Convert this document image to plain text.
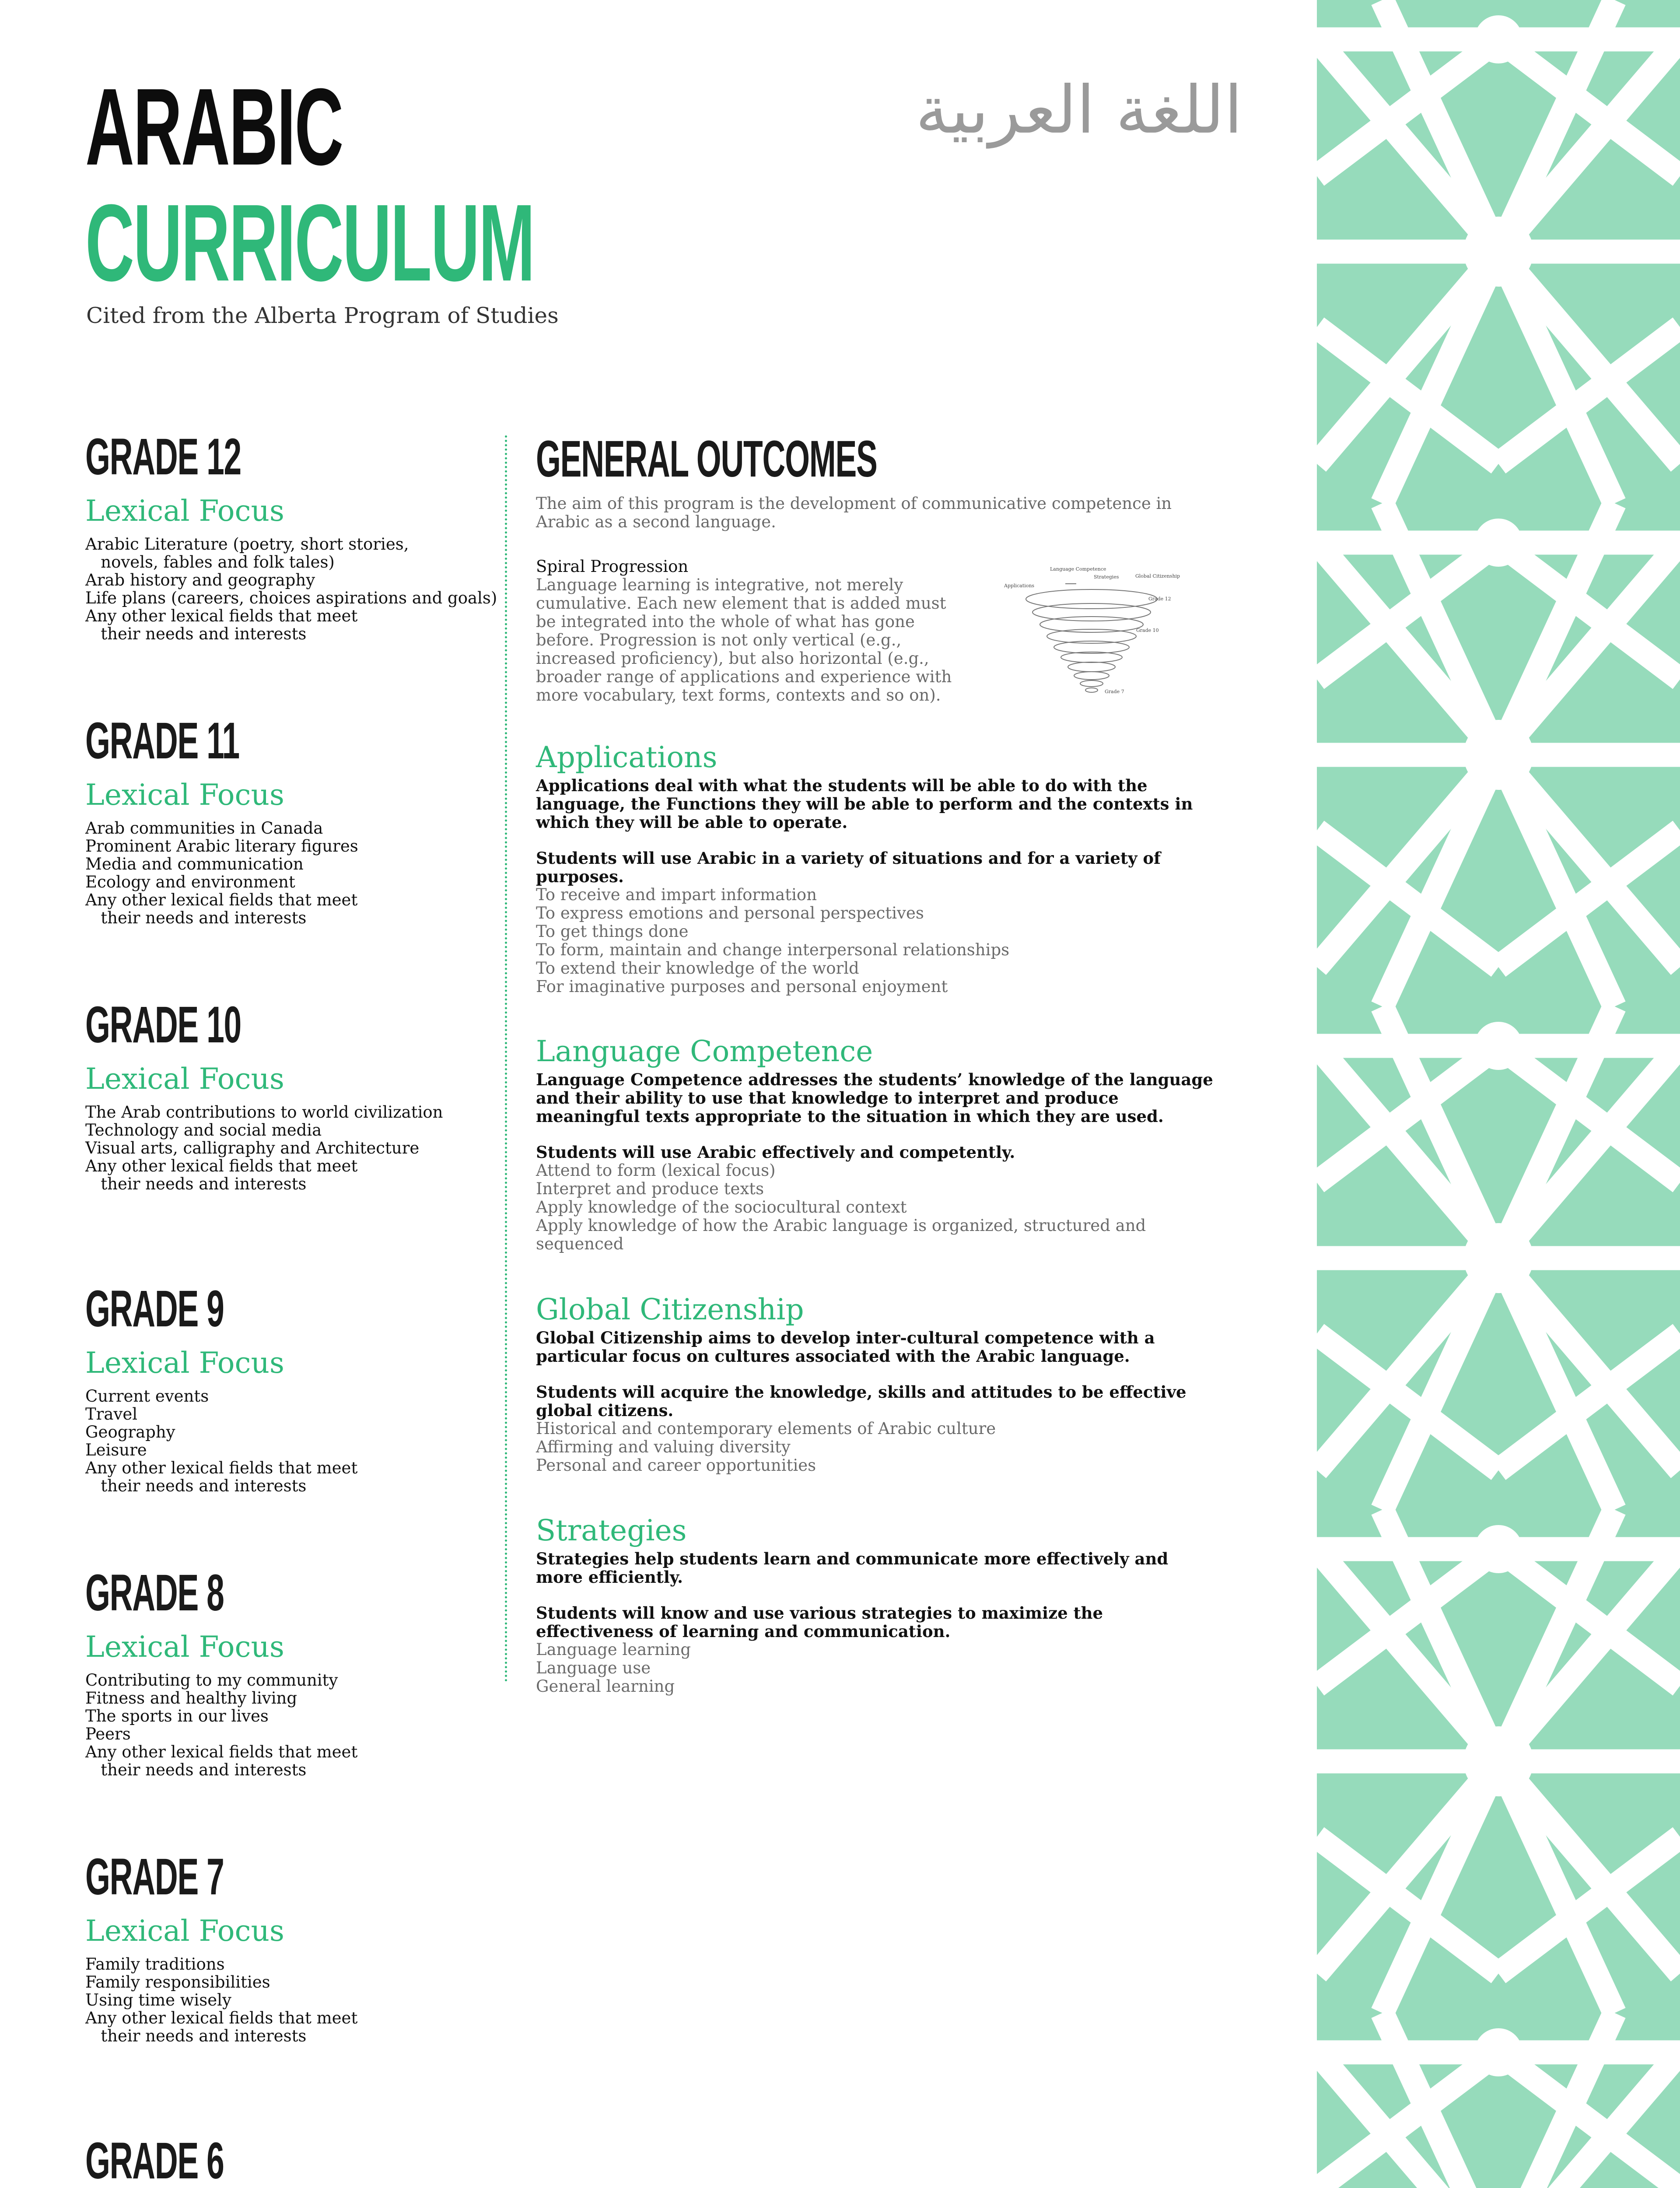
ARABIC
CURRICULUM
اللغة العربية
Cited from the Alberta Program of Studies
GRADE 12
Lexical Focus
Arabic Literature (poetry, short stories,
novels, fables and folk tales)
Arab history and geography
Life plans (careers, choices aspirations and goals)
Any other lexical fields that meet
their needs and interests
GRADE 11
Lexical Focus
Arab communities in Canada
Prominent Arabic literary figures
Media and communication
Ecology and environment
Any other lexical fields that meet
their needs and interests
GRADE 10
Lexical Focus
The Arab contributions to world civilization
Technology and social media
Visual arts, calligraphy and Architecture
Any other lexical fields that meet
their needs and interests
GRADE 9
Lexical Focus
Current events
Travel
Geography
Leisure
Any other lexical fields that meet
their needs and interests
GRADE 8
Lexical Focus
Contributing to my community
Fitness and healthy living
The sports in our lives
Peers
Any other lexical fields that meet
their needs and interests
GRADE 7
Lexical Focus
Family traditions
Family responsibilities
Using time wisely
Any other lexical fields that meet
their needs and interests
GRADE 6
GENERAL OUTCOMES

The aim of this program is the development of communicative competence in Arabic as a second language.

Spiral Progression
Language learning is integrative, not merely cumulative. Each new element that is added must be integrated into the whole of what has gone before. Progression is not only vertical (e.g., increased proficiency), but also horizontal (e.g., broader range of applications and experience with more vocabulary, text forms, contexts and so on).
Applications
Language Competence
Strategies	Global Citizenship
Grade 12
Grade 10
Grade 7
Applications

Applications deal with what the students will be able to do with the language, the Functions they will be able to perform and the contexts in which they will be able to operate.

Students will use Arabic in a variety of situations and for a variety of purposes.

To receive and impart information
To express emotions and personal perspectives
To get things done
To form, maintain and change interpersonal relationships
To extend their knowledge of the world
For imaginative purposes and personal enjoyment
Language Competence

Language Competence addresses the students’ knowledge of the language and their ability to use that knowledge to interpret and produce meaningful texts appropriate to the situation in which they are used.

Students will use Arabic effectively and competently.

Attend to form (lexical focus)
Interpret and produce texts
Apply knowledge of the sociocultural context
Apply knowledge of how the Arabic language is organized, structured and sequenced
Global Citizenship

Global Citizenship aims to develop inter-cultural competence with a particular focus on cultures associated with the Arabic language.

Students will acquire the knowledge, skills and attitudes to be effective global citizens.

Historical and contemporary elements of Arabic culture
Affirming and valuing diversity
Personal and career opportunities
Strategies

Strategies help students learn and communicate more effectively and more efficiently.

Students will know and use various strategies to maximize the effectiveness of learning and communication.

Language learning
Language use
General learning
